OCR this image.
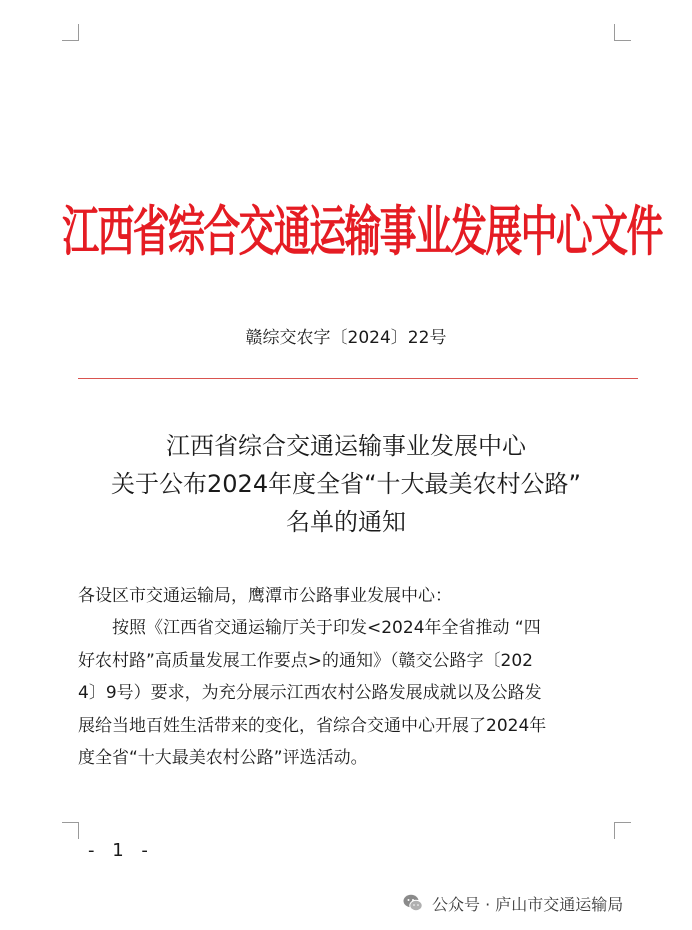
江西省综合交通运输事业发展中心文件
赣综交农字〔2024〕22号
江西省综合交通运输事业发展中心
关于公布2024年度全省“十大最美农村公路”
名单的通知
各设区市交通运输局，鹰潭市公路事业发展中心：
　　按照《江西省交通运输厅关于印发<2024年全省推动 “四
好农村路”高质量发展工作要点>的通知》（赣交公路字〔202
4〕9号）要求，为充分展示江西农村公路发展成就以及公路发
展给当地百姓生活带来的变化，省综合交通中心开展了2024年
度全省“十大最美农村公路”评选活动。
- 1 -
公众号 · 庐山市交通运输局
